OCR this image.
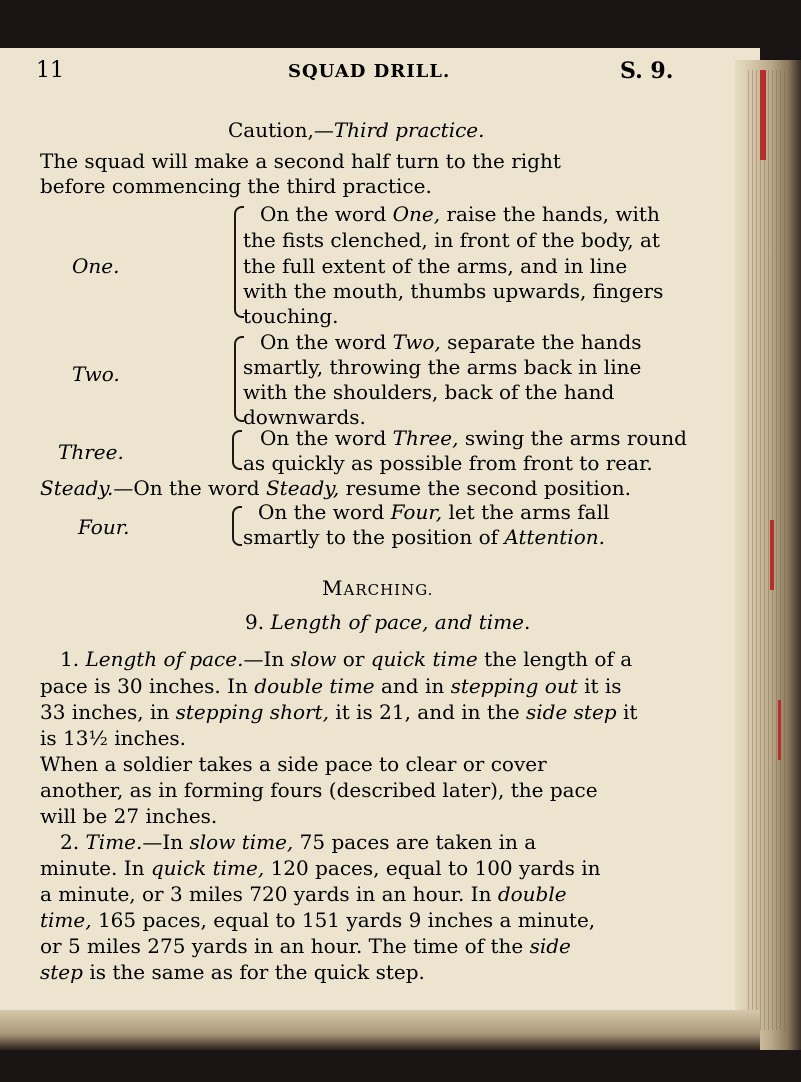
11	SQUAD DRILL.	S. 9.
Caution,—Third practice.
The squad will make a second half turn to the right
before commencing the third practice.
One.
On the word One, raise the hands, with
the fists clenched, in front of the body, at
the full extent of the arms, and in line
with the mouth, thumbs upwards, fingers
touching.
Two.
On the word Two, separate the hands
smartly, throwing the arms back in line
with the shoulders, back of the hand
downwards.
Three.
On the word Three, swing the arms round
as quickly as possible from front to rear.
Steady.—On the word Steady, resume the second position.
Four.
On the word Four, let the arms fall
smartly to the position of Attention.
MARCHING.
9. Length of pace, and time.
1. Length of pace.—In slow or quick time the length of a
pace is 30 inches. In double time and in stepping out it is
33 inches, in stepping short, it is 21, and in the side step it
is 13½ inches.
When a soldier takes a side pace to clear or cover
another, as in forming fours (described later), the pace
will be 27 inches.
2. Time.—In slow time, 75 paces are taken in a
minute. In quick time, 120 paces, equal to 100 yards in
a minute, or 3 miles 720 yards in an hour. In double
time, 165 paces, equal to 151 yards 9 inches a minute,
or 5 miles 275 yards in an hour. The time of the side
step is the same as for the quick step.
